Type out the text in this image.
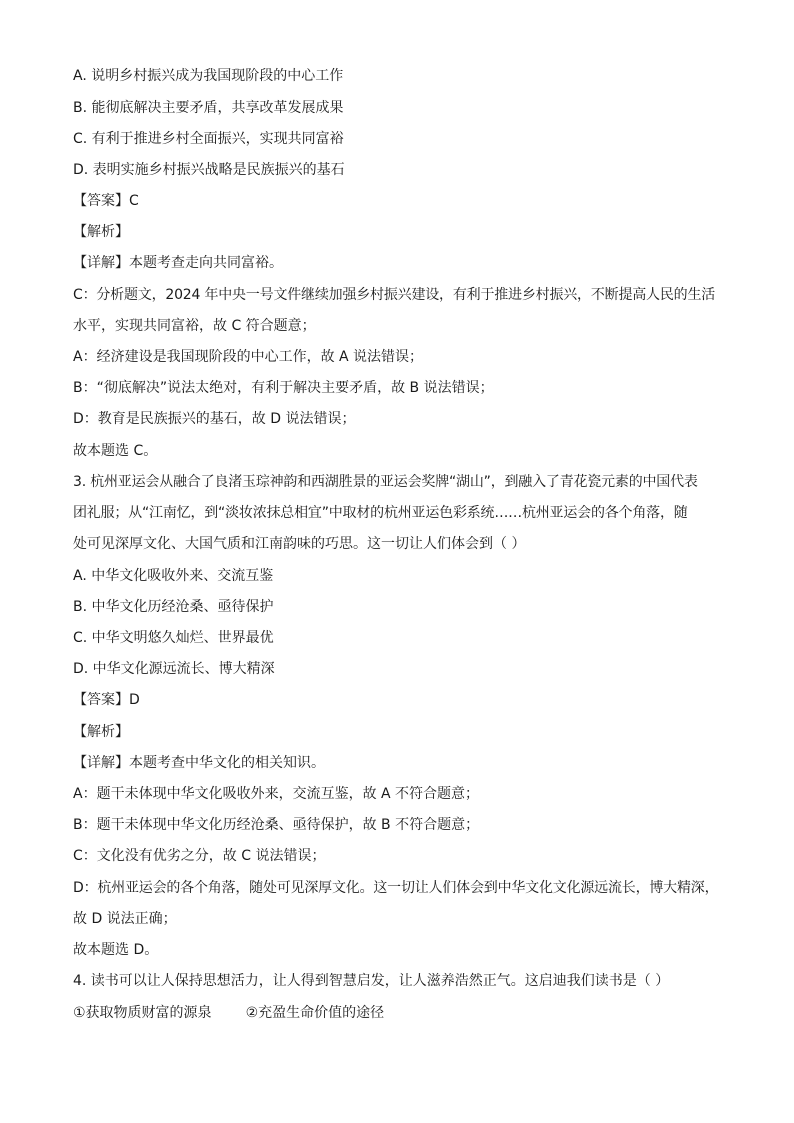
A. 说明乡村振兴成为我国现阶段的中心工作
B. 能彻底解决主要矛盾，共享改革发展成果
C. 有利于推进乡村全面振兴，实现共同富裕
D. 表明实施乡村振兴战略是民族振兴的基石
【答案】C
【解析】
【详解】本题考查走向共同富裕。
C：分析题文，2024 年中央一号文件继续加强乡村振兴建设，有利于推进乡村振兴，不断提高人民的生活
水平，实现共同富裕，故 C 符合题意；
A：经济建设是我国现阶段的中心工作，故 A 说法错误；
B：“彻底解决”说法太绝对，有利于解决主要矛盾，故 B 说法错误；
D：教育是民族振兴的基石，故 D 说法错误；
故本题选 C。
3. 杭州亚运会从融合了良渚玉琮神韵和西湖胜景的亚运会奖牌“湖山”，到融入了青花瓷元素的中国代表
团礼服；从“江南忆，到“淡妆浓抹总相宜”中取材的杭州亚运色彩系统……杭州亚运会的各个角落，随
处可见深厚文化、大国气质和江南韵味的巧思。这一切让人们体会到（ ）
A. 中华文化吸收外来、交流互鉴
B. 中华文化历经沧桑、亟待保护
C. 中华文明悠久灿烂、世界最优
D. 中华文化源远流长、博大精深
【答案】D
【解析】
【详解】本题考查中华文化的相关知识。
A：题干未体现中华文化吸收外来，交流互鉴，故 A 不符合题意；
B：题干未体现中华文化历经沧桑、亟待保护，故 B 不符合题意；
C：文化没有优劣之分，故 C 说法错误；
D：杭州亚运会的各个角落，随处可见深厚文化。这一切让人们体会到中华文化文化源远流长，博大精深，
故 D 说法正确；
故本题选 D。
4. 读书可以让人保持思想活力，让人得到智慧启发，让人滋养浩然正气。这启迪我们读书是（ ）
①获取物质财富的源泉 ②充盈生命价值的途径
